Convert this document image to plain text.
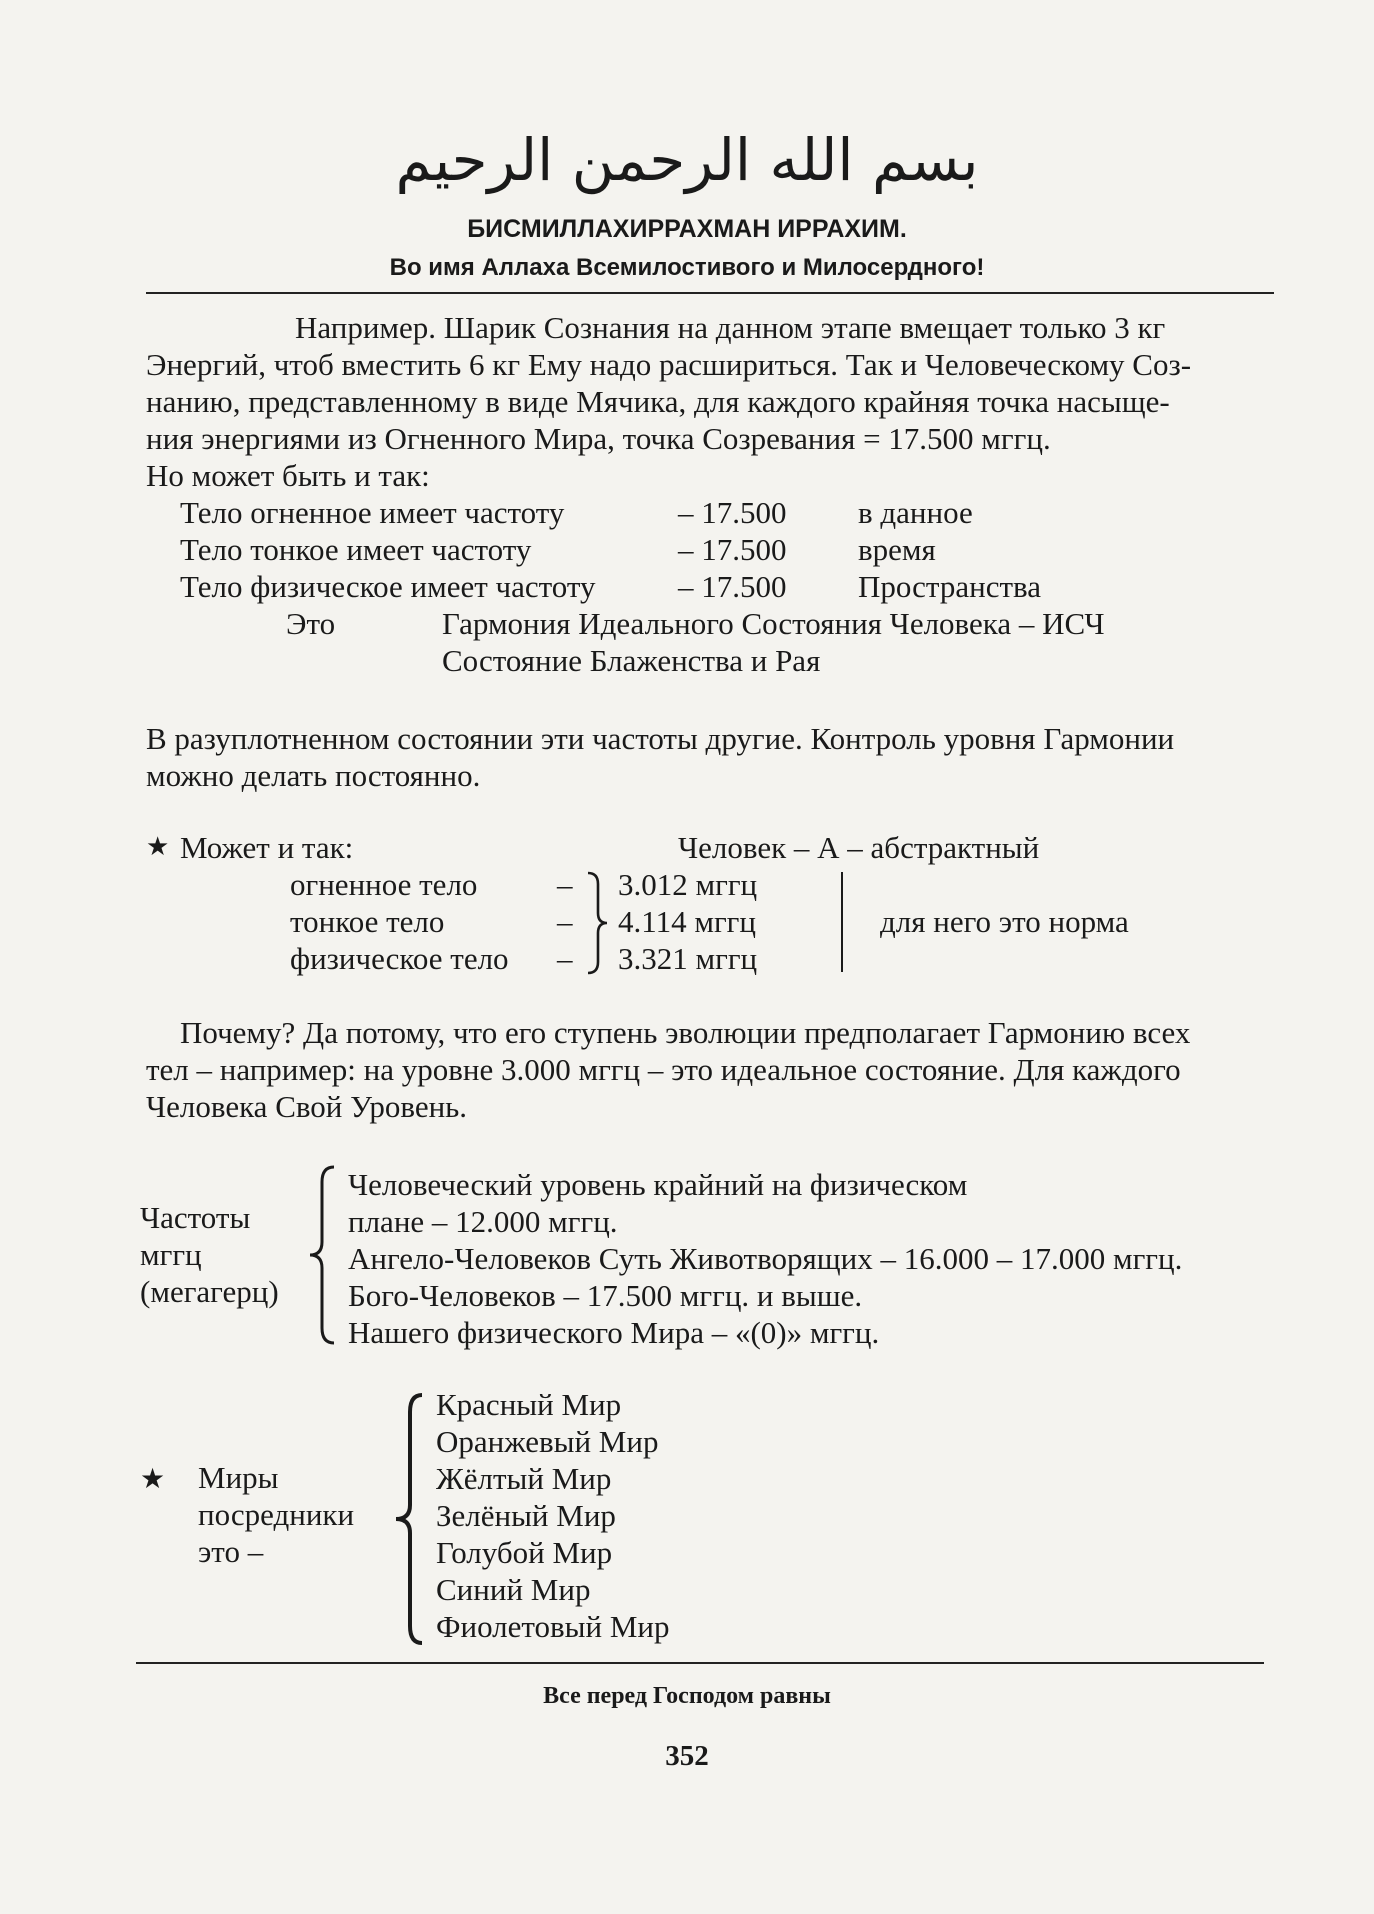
بسم الله الرحمن الرحيم
БИСМИЛЛАХИРРАХМАН ИРРАХИМ.
Во имя Аллаха Всемилостивого и Милосердного!
Например. Шарик Сознания на данном этапе вмещает только 3 кг
Энергий, чтоб вместить 6 кг Ему надо расшириться. Так и Человеческому Соз-
нанию, представленному в виде Мячика, для каждого крайняя точка насыще-
ния энергиями из Огненного Мира, точка Созревания = 17.500 мггц.
Но может быть и так:
Тело огненное имеет частоту	– 17.500 в данное
Тело тонкое имеет частоту	– 17.500 время
Тело физическое имеет частоту	– 17.500 Пространства
Это	Гармония Идеального Состояния Человека – ИСЧ
Состояние Блаженства и Рая
В разуплотненном состоянии эти частоты другие. Контроль уровня Гармонии
можно делать постоянно.
★ Может и так:	Человек – А – абстрактный
огненное тело	– 3.012 мггц
тонкое тело	– 4.114 мггц
физическое тело – 3.321 мггц
для него это норма
Почему? Да потому, что его ступень эволюции предполагает Гармонию всех
тел – например: на уровне 3.000 мггц – это идеальное состояние. Для каждого
Человека Свой Уровень.
Частоты
мггц
(мегагерц)
Человеческий уровень крайний на физическом
плане – 12.000 мггц.
Ангело-Человеков Суть Животворящих – 16.000 – 17.000 мггц.
Бого-Человеков – 17.500 мггц. и выше.
Нашего физического Мира – «(0)» мггц.
★ Миры
посредники
это –
Красный Мир
Оранжевый Мир
Жёлтый Мир
Зелёный Мир
Голубой Мир
Синий Мир
Фиолетовый Мир
Все перед Господом равны
352
